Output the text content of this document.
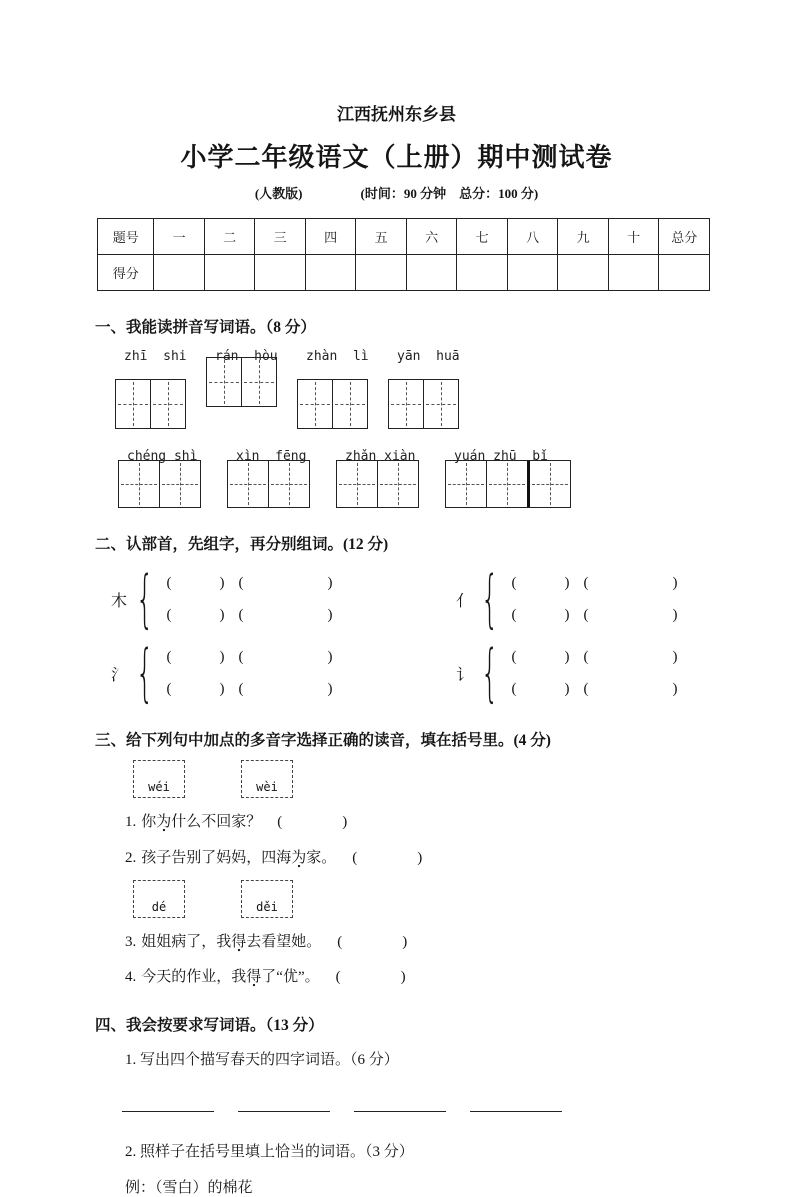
江西抚州东乡县
小学二年级语文（上册）期中测试卷
(人教版)	(时间：90 分钟　总分：100 分)
题号	一	二	三	四	五	六	七	八	九	十	总分
得分											
一、我能读拼音写词语。（8 分）
zhī  shi rán  hòu zhàn  lì yān  huā
chéng shì	xìn  fēng	zhǎn xiàn	yuán zhū  bǐ
二、认部首，先组字，再分别组词。(12 分)
木 { (	) (	)
(	) (	)
亻 { (	) (	)
(	) (	)
氵 { (	) (	)
(	) (	)
讠 { (	) (	)
(	) (	)
三、给下列句中加点的多音字选择正确的读音，填在括号里。(4 分)
wéi	wèi
1. 你为 ・什么不回家？ (	)
2. 孩子告别了妈妈，四海为 ・家。 (	)
dé	děi
3. 姐姐病了，我得 ・去看望她。 (	)
4. 今天的作业，我得 ・了“优”。 (	)
四、我会按要求写词语。（13 分）
1. 写出四个描写春天的四字词语。（6 分）
2. 照样子在括号里填上恰当的词语。（3 分）
例：（雪白）的棉花
